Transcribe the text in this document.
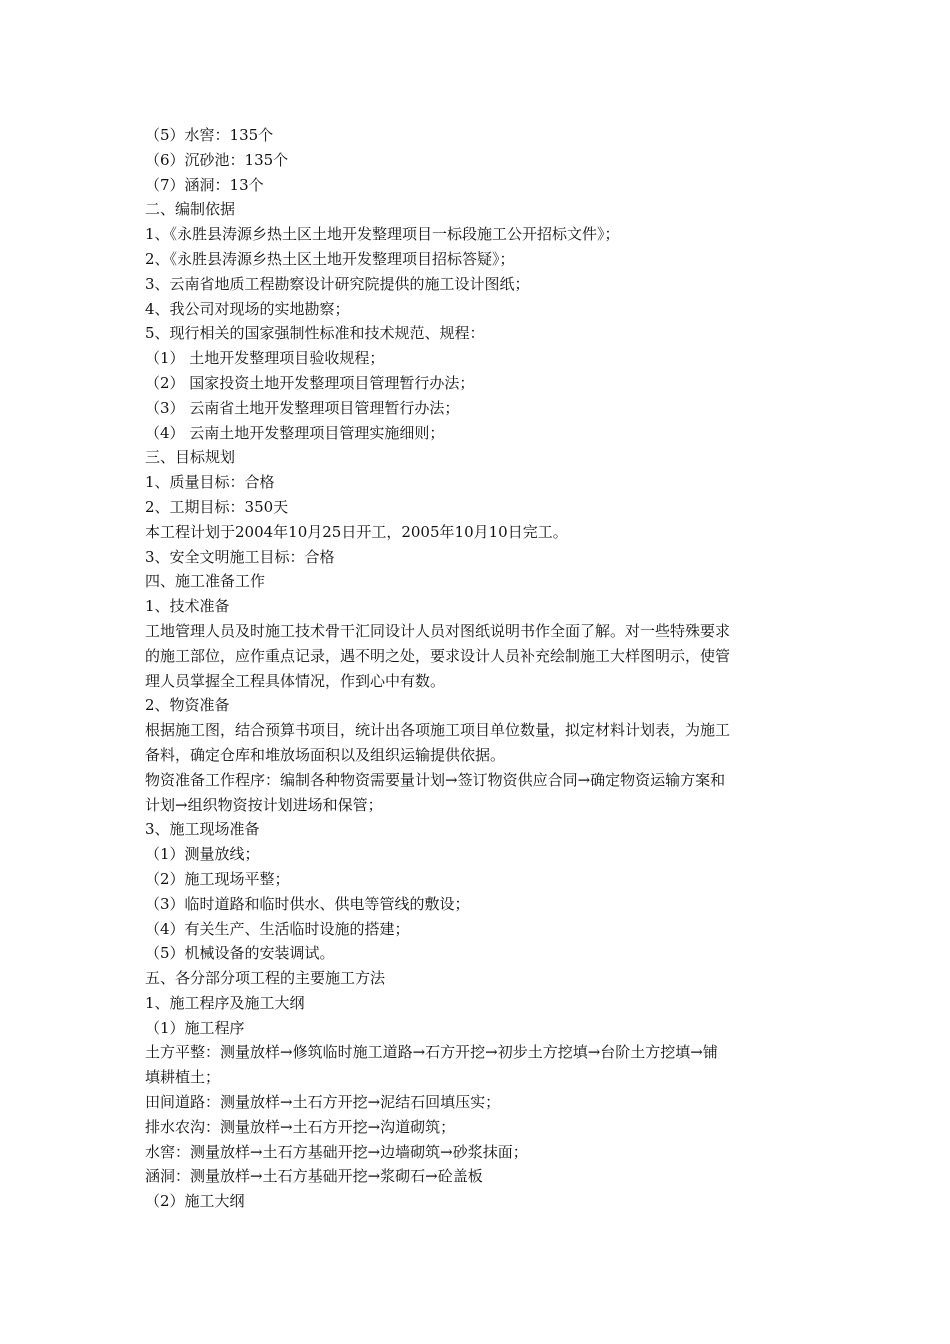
（5）水窖：135个
（6）沉砂池：135个
（7）涵洞：13个
二、编制依据
1、《永胜县涛源乡热土区土地开发整理项目一标段施工公开招标文件》；
2、《永胜县涛源乡热土区土地开发整理项目招标答疑》；
3、云南省地质工程勘察设计研究院提供的施工设计图纸；
4、我公司对现场的实地勘察；
5、现行相关的国家强制性标准和技术规范、规程：
（1） 土地开发整理项目验收规程；
（2） 国家投资土地开发整理项目管理暂行办法；
（3） 云南省土地开发整理项目管理暂行办法；
（4） 云南土地开发整理项目管理实施细则；
三、目标规划
1、质量目标：合格
2、工期目标：350天
本工程计划于2004年10月25日开工，2005年10月10日完工。
3、安全文明施工目标：合格
四、施工准备工作
1、技术准备
工地管理人员及时施工技术骨干汇同设计人员对图纸说明书作全面了解。对一些特殊要求
的施工部位，应作重点记录，遇不明之处，要求设计人员补充绘制施工大样图明示，使管
理人员掌握全工程具体情况，作到心中有数。
2、物资准备
根据施工图，结合预算书项目，统计出各项施工项目单位数量，拟定材料计划表，为施工
备料，确定仓库和堆放场面积以及组织运输提供依据。
物资准备工作程序：编制各种物资需要量计划→签订物资供应合同→确定物资运输方案和
计划→组织物资按计划进场和保管；
3、施工现场准备
（1）测量放线；
（2）施工现场平整；
（3）临时道路和临时供水、供电等管线的敷设；
（4）有关生产、生活临时设施的搭建；
（5）机械设备的安装调试。
五、各分部分项工程的主要施工方法
1、施工程序及施工大纲
（1）施工程序
土方平整：测量放样→修筑临时施工道路→石方开挖→初步土方挖填→台阶土方挖填→铺
填耕植土；
田间道路：测量放样→土石方开挖→泥结石回填压实；
排水农沟：测量放样→土石方开挖→沟道砌筑；
水窖：测量放样→土石方基础开挖→边墙砌筑→砂浆抹面；
涵洞：测量放样→土石方基础开挖→浆砌石→砼盖板
（2）施工大纲
